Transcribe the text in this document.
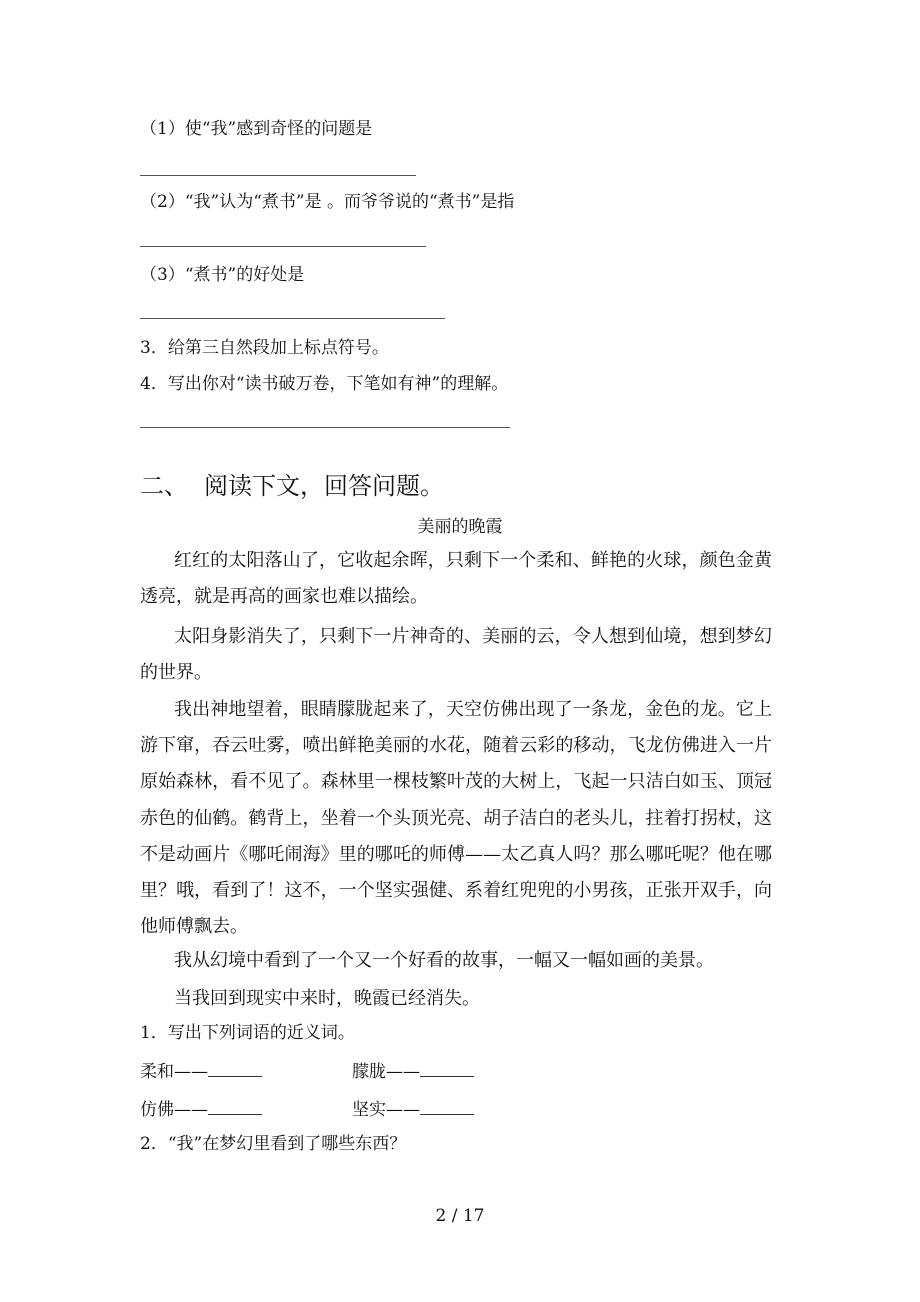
（1）使“我”感到奇怪的问题是
（2）“我”认为“煮书”是 。而爷爷说的“煮书”是指
（3）“煮书”的好处是
3．给第三自然段加上标点符号。
4．写出你对“读书破万卷，下笔如有神”的理解。
二、 阅读下文，回答问题。
美丽的晚霞
红红的太阳落山了，它收起余晖，只剩下一个柔和、鲜艳的火球，颜色金黄透亮，就是再高的画家也难以描绘。
太阳身影消失了，只剩下一片神奇的、美丽的云，令人想到仙境，想到梦幻的世界。
我出神地望着，眼睛朦胧起来了，天空仿佛出现了一条龙，金色的龙。它上游下窜，吞云吐雾，喷出鲜艳美丽的水花，随着云彩的移动，飞龙仿佛进入一片原始森林，看不见了。森林里一棵枝繁叶茂的大树上，飞起一只洁白如玉、顶冠赤色的仙鹤。鹤背上，坐着一个头顶光亮、胡子洁白的老头儿，拄着打拐杖，这不是动画片《哪吒闹海》里的哪吒的师傅——太乙真人吗？那么哪吒呢？他在哪里？哦，看到了！这不，一个坚实强健、系着红兜兜的小男孩，正张开双手，向他师傅飘去。
我从幻境中看到了一个又一个好看的故事，一幅又一幅如画的美景。
当我回到现实中来时，晚霞已经消失。
1．写出下列词语的近义词。
柔和——	朦胧——
仿佛——	坚实——
2．“我”在梦幻里看到了哪些东西？
2 / 17
